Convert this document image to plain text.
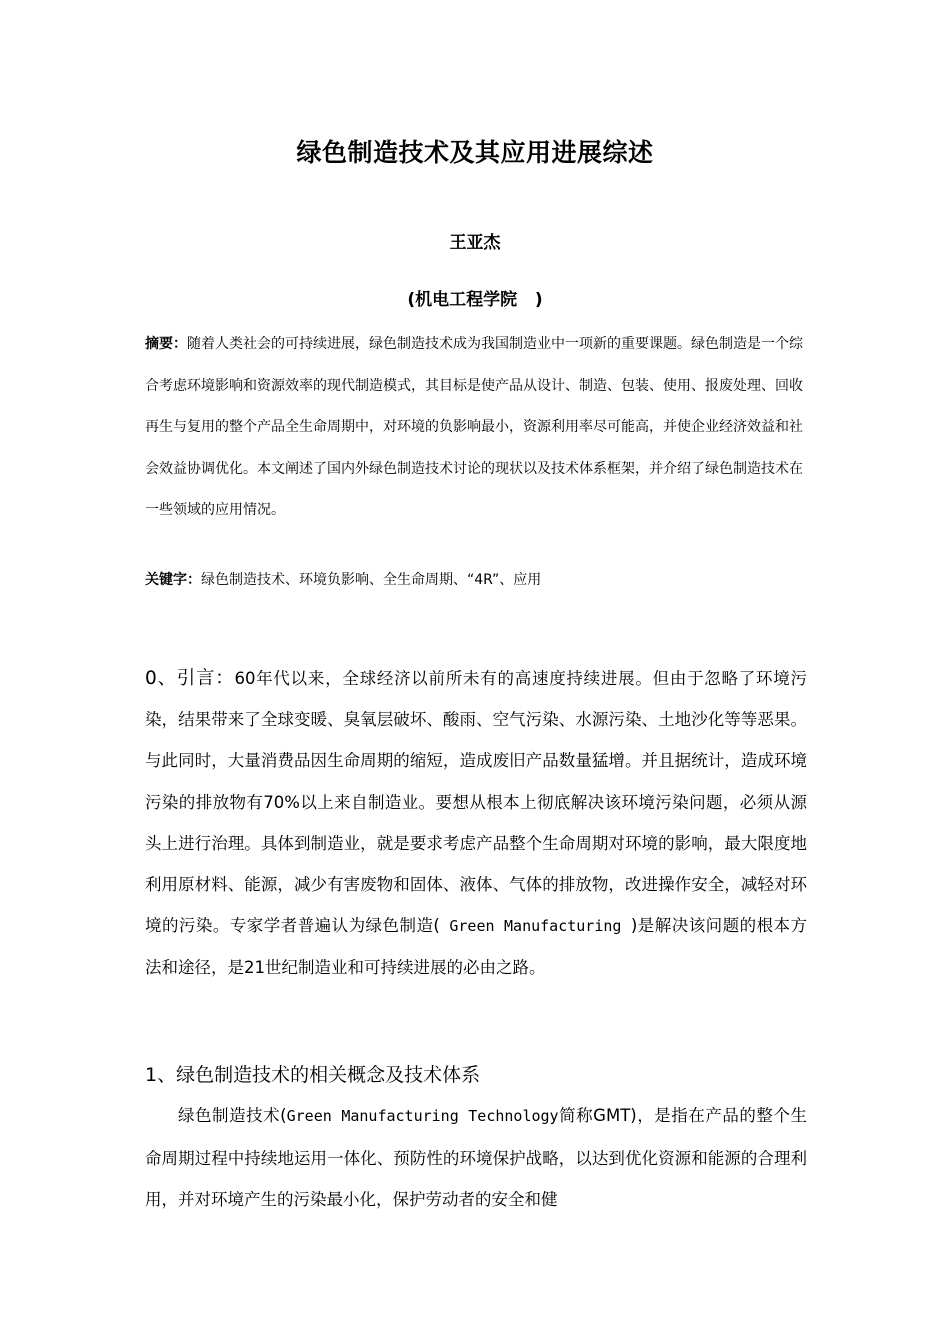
绿色制造技术及其应用进展综述
王亚杰
(机电工程学院   )
摘要：随着人类社会的可持续进展，绿色制造技术成为我国制造业中一项新的重要课题。绿色制造是一个综合考虑环境影响和资源效率的现代制造模式，其目标是使产品从设计、制造、包装、使用、报废处理、回收再生与复用的整个产品全生命周期中，对环境的负影响最小，资源利用率尽可能高，并使企业经济效益和社会效益协调优化。本文阐述了国内外绿色制造技术讨论的现状以及技术体系框架，并介绍了绿色制造技术在一些领域的应用情况。
关键字：绿色制造技术、环境负影响、全生命周期、“4R”、应用
0、引言：60年代以来，全球经济以前所未有的高速度持续进展。但由于忽略了环境污染，结果带来了全球变暖、臭氧层破坏、酸雨、空气污染、水源污染、土地沙化等等恶果。与此同时，大量消费品因生命周期的缩短，造成废旧产品数量猛增。并且据统计，造成环境污染的排放物有70%以上来自制造业。要想从根本上彻底解决该环境污染问题，必须从源头上进行治理。具体到制造业，就是要求考虑产品整个生命周期对环境的影响，最大限度地利用原材料、能源，减少有害废物和固体、液体、气体的排放物，改进操作安全，减轻对环境的污染。专家学者普遍认为绿色制造( Green Manufacturing )是解决该问题的根本方法和途径，是21世纪制造业和可持续进展的必由之路。
1、绿色制造技术的相关概念及技术体系
绿色制造技术(Green Manufacturing Technology简称GMT)，是指在产品的整个生命周期过程中持续地运用一体化、预防性的环境保护战略，以达到优化资源和能源的合理利用，并对环境产生的污染最小化，保护劳动者的安全和健
